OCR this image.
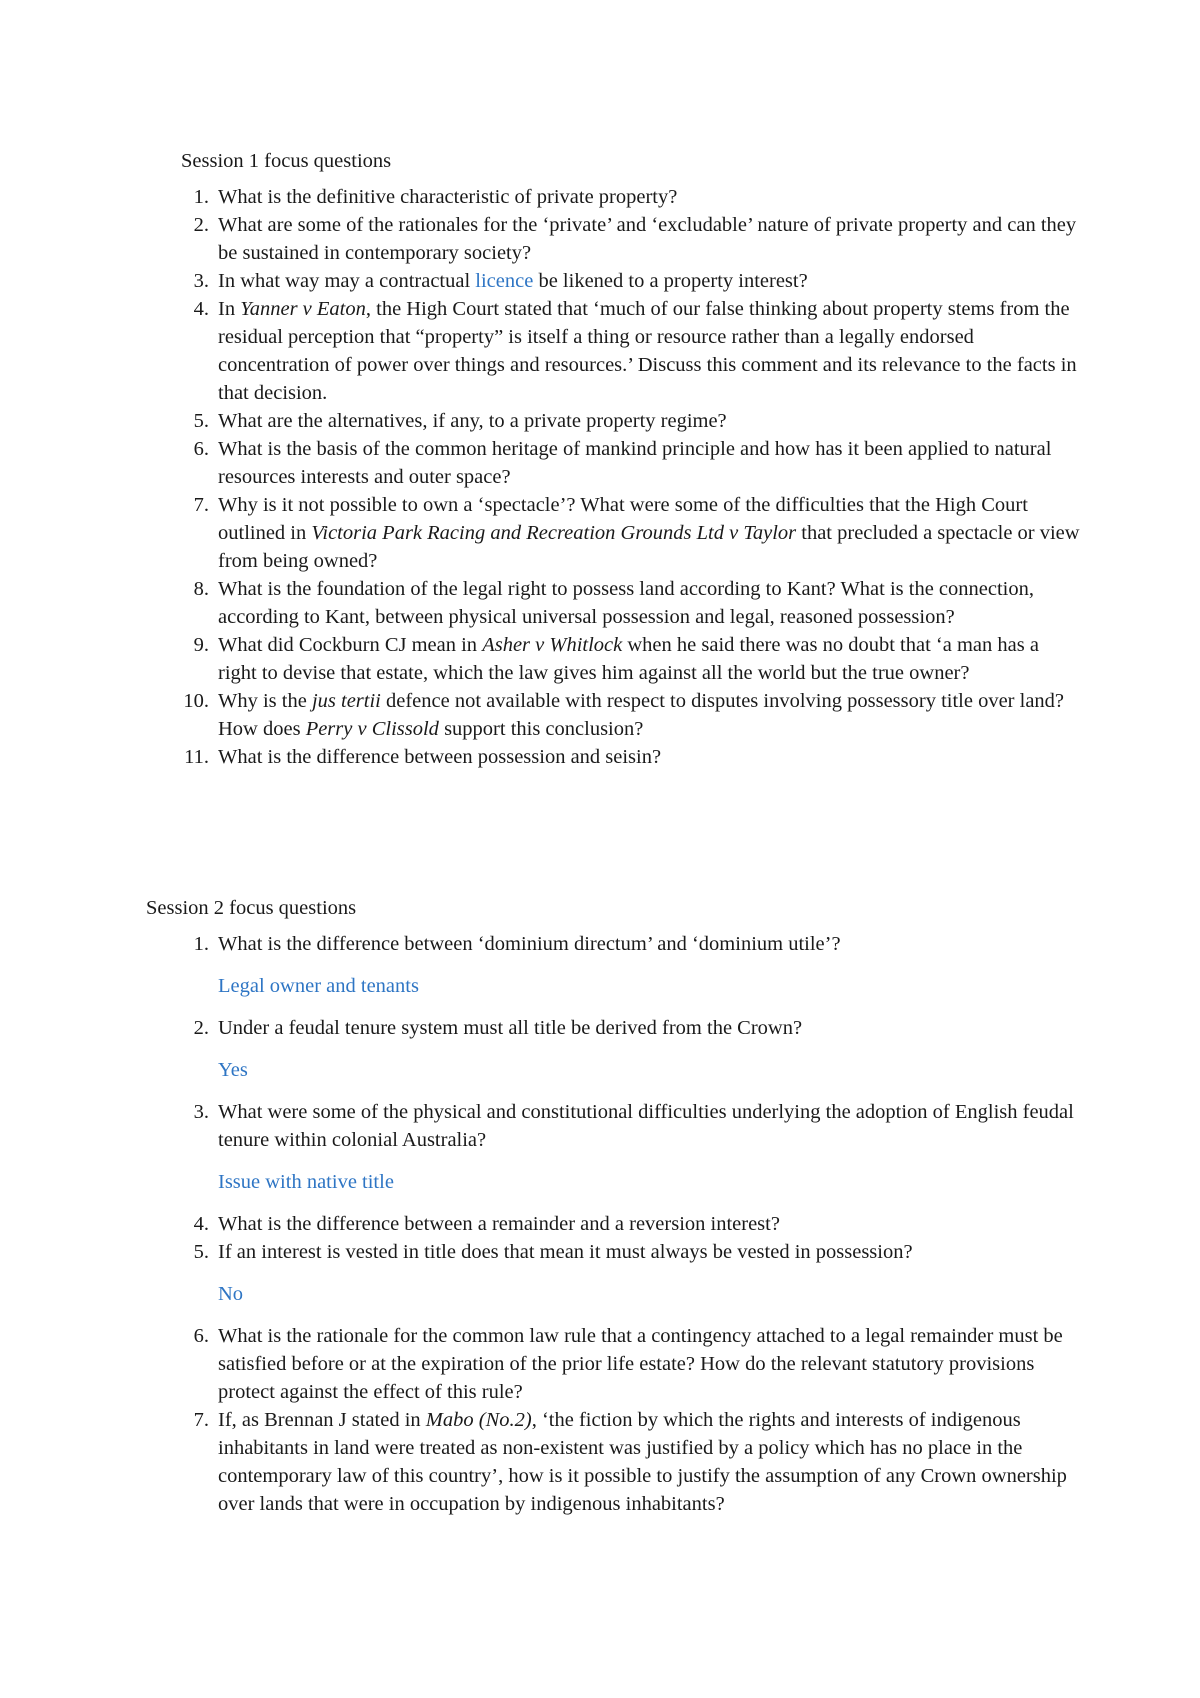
Session 1 focus questions

1. What is the definitive characteristic of private property?
2. What are some of the rationales for the ‘private’ and ‘excludable’ nature of private property and can they be sustained in contemporary society?
3. In what way may a contractual licence be likened to a property interest?
4. In Yanner v Eaton, the High Court stated that ‘much of our false thinking about property stems from the residual perception that “property” is itself a thing or resource rather than a legally endorsed concentration of power over things and resources.’ Discuss this comment and its relevance to the facts in that decision.
5. What are the alternatives, if any, to a private property regime?
6. What is the basis of the common heritage of mankind principle and how has it been applied to natural resources interests and outer space?
7. Why is it not possible to own a ‘spectacle’? What were some of the difficulties that the High Court outlined in Victoria Park Racing and Recreation Grounds Ltd v Taylor that precluded a spectacle or view from being owned?
8. What is the foundation of the legal right to possess land according to Kant? What is the connection, according to Kant, between physical universal possession and legal, reasoned possession?
9. What did Cockburn CJ mean in Asher v Whitlock when he said there was no doubt that ‘a man has a right to devise that estate, which the law gives him against all the world but the true owner?
10. Why is the jus tertii defence not available with respect to disputes involving possessory title over land? How does Perry v Clissold support this conclusion?
11. What is the difference between possession and seisin?

Session 2 focus questions

1. What is the difference between ‘dominium directum’ and ‘dominium utile’?
Legal owner and tenants
2. Under a feudal tenure system must all title be derived from the Crown?
Yes
3. What were some of the physical and constitutional difficulties underlying the adoption of English feudal tenure within colonial Australia?
Issue with native title
4. What is the difference between a remainder and a reversion interest?
5. If an interest is vested in title does that mean it must always be vested in possession?
No
6. What is the rationale for the common law rule that a contingency attached to a legal remainder must be satisfied before or at the expiration of the prior life estate? How do the relevant statutory provisions protect against the effect of this rule?
7. If, as Brennan J stated in Mabo (No.2), ‘the fiction by which the rights and interests of indigenous inhabitants in land were treated as non-existent was justified by a policy which has no place in the contemporary law of this country’, how is it possible to justify the assumption of any Crown ownership over lands that were in occupation by indigenous inhabitants?
